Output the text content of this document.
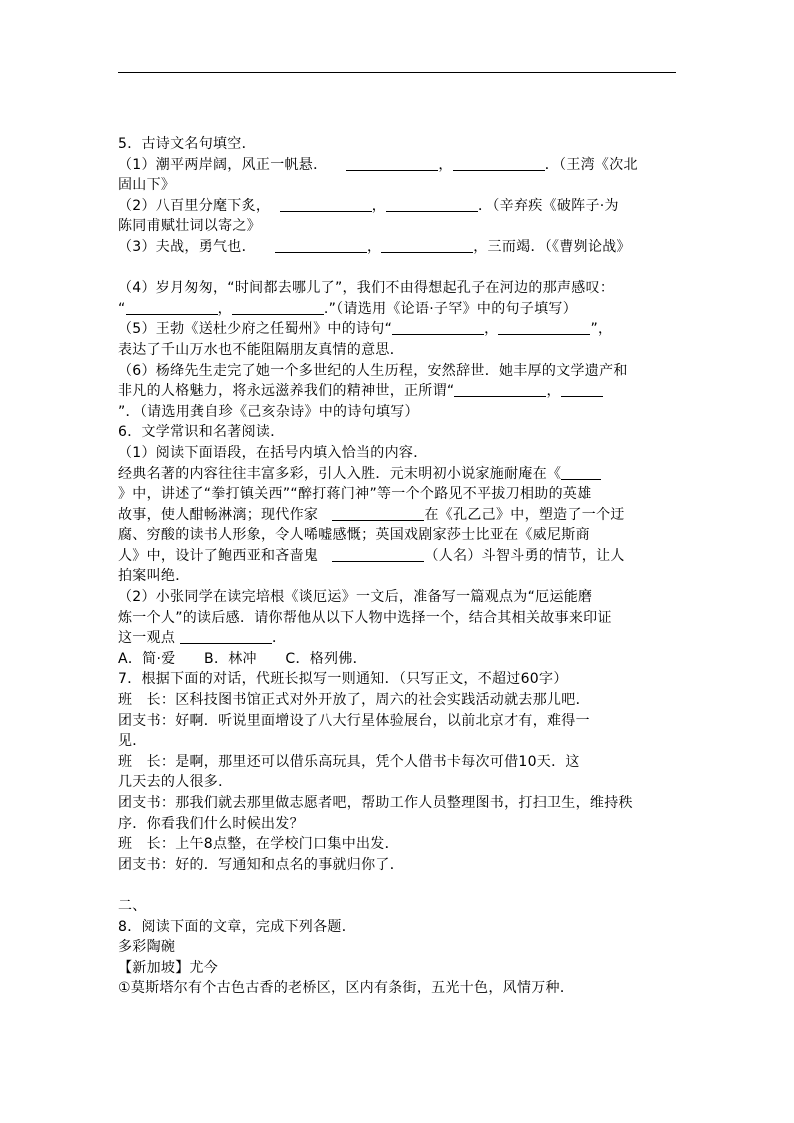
5．古诗文名句填空．
（1）潮平两岸阔，风正一帆悬．	，	．（王湾《次北
固山下》
（2）八百里分麾下炙，	，	．（辛弃疾《破阵子·为
陈同甫赋壮词以寄之》
（3）夫战，勇气也．	，	，三而竭．（《曹刿论战》
（4）岁月匆匆，“时间都去哪儿了”，我们不由得想起孔子在河边的那声感叹：
“	，	.”（请选用《论语·子罕》中的句子填写）
（5）王勃《送杜少府之任蜀州》中的诗句“	，	”，
表达了千山万水也不能阻隔朋友真情的意思．
（6）杨绛先生走完了她一个多世纪的人生历程，安然辞世．她丰厚的文学遗产和
非凡的人格魅力，将永远滋养我们的精神世，正所谓“	，
”．（请选用龚自珍《己亥杂诗》中的诗句填写）
6．文学常识和名著阅读．
（1）阅读下面语段，在括号内填入恰当的内容．
经典名著的内容往往丰富多彩，引人入胜．元末明初小说家施耐庵在《
》中，讲述了“拳打镇关西”“醉打蒋门神”等一个个路见不平拔刀相助的英雄
故事，使人酣畅淋漓；现代作家	在《孔乙己》中，塑造了一个迂
腐、穷酸的读书人形象，令人唏嘘感慨；英国戏剧家莎士比亚在《威尼斯商
人》中，设计了鲍西亚和吝啬鬼	（人名）斗智斗勇的情节，让人
拍案叫绝．
（2）小张同学在读完培根《谈厄运》一文后，准备写一篇观点为“厄运能磨
炼一个人”的读后感．请你帮他从以下人物中选择一个，结合其相关故事来印证
这一观点	．
A．简·爱 B．林冲 C．格列佛．
7．根据下面的对话，代班长拟写一则通知．（只写正文，不超过60字）
班　长：区科技图书馆正式对外开放了，周六的社会实践活动就去那儿吧．
团支书：好啊．听说里面增设了八大行星体验展台，以前北京才有，难得一
见．
班　长：是啊，那里还可以借乐高玩具，凭个人借书卡每次可借10天．这
几天去的人很多．
团支书：那我们就去那里做志愿者吧，帮助工作人员整理图书，打扫卫生，维持秩
序．你看我们什么时候出发？
班　长：上午8点整，在学校门口集中出发．
团支书：好的．写通知和点名的事就归你了．
二、
8．阅读下面的文章，完成下列各题．
多彩陶碗
【新加坡】尤今
①莫斯塔尔有个古色古香的老桥区，区内有条街，五光十色，风情万种．
